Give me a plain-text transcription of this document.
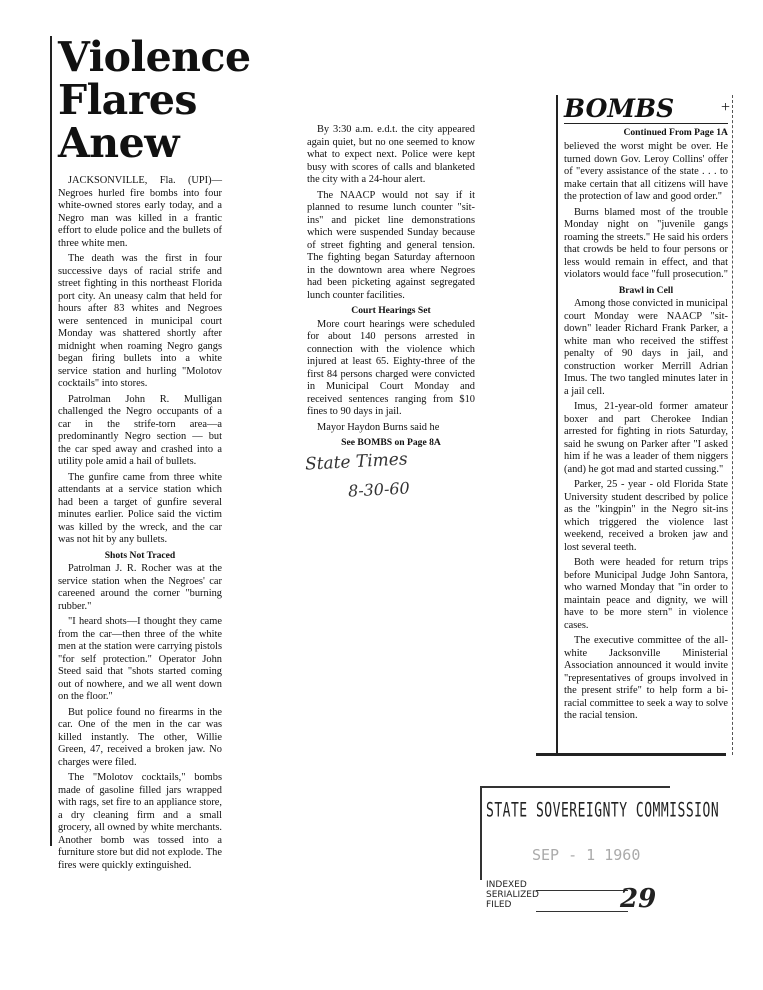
Violence
Flares
Anew

JACKSONVILLE, Fla. (UPI)— Negroes hurled fire bombs into four white-owned stores early today, and a Negro man was killed in a frantic effort to elude police and the bullets of three white men.

The death was the first in four successive days of racial strife and street fighting in this northeast Florida port city. An uneasy calm that held for hours after 83 whites and Negroes were sentenced in municipal court Monday was shattered shortly after midnight when roaming Negro gangs began firing bullets into a white service station and hurling "Molotov cocktails" into stores.

Patrolman John R. Mulligan challenged the Negro occupants of a car in the strife-torn area—a predominantly Negro section — but the car sped away and crashed into a utility pole amid a hail of bullets.

The gunfire came from three white attendants at a service station which had been a target of gunfire several minutes earlier. Police said the victim was killed by the wreck, and the car was not hit by any bullets.

Shots Not Traced

Patrolman J. R. Rocher was at the service station when the Negroes' car careened around the corner "burning rubber."

"I heard shots—I thought they came from the car—then three of the white men at the station were carrying pistols "for self protection." Operator John Steed said that "shots started coming out of nowhere, and we all went down on the floor."

But police found no firearms in the car. One of the men in the car was killed instantly. The other, Willie Green, 47, received a broken jaw. No charges were filed.

The "Molotov cocktails," bombs made of gasoline filled jars wrapped with rags, set fire to an appliance store, a dry cleaning firm and a small grocery, all owned by white merchants. Another bomb was tossed into a furniture store but did not explode. The fires were quickly extinguished.

By 3:30 a.m. e.d.t. the city appeared again quiet, but no one seemed to know what to expect next. Police were kept busy with scores of calls and blanketed the city with a 24-hour alert.

The NAACP would not say if it planned to resume lunch counter "sit-ins" and picket line demonstrations which were suspended Sunday because of street fighting and general tension. The fighting began Saturday afternoon in the downtown area where Negroes had been picketing against segregated lunch counter facilities.

Court Hearings Set

More court hearings were scheduled for about 140 persons arrested in connection with the violence which injured at least 65. Eighty-three of the first 84 persons charged were convicted in Municipal Court Monday and received sentences ranging from $10 fines to 90 days in jail.

Mayor Haydon Burns said he

See BOMBS on Page 8A
State Times
8-30-60
BOMBS	+
Continued From Page 1A

believed the worst might be over. He turned down Gov. Leroy Collins' offer of "every assistance of the state . . . to make certain that all citizens will have the protection of law and good order."

Burns blamed most of the trouble Monday night on "juvenile gangs roaming the streets." He said his orders that crowds be held to four persons or less would remain in effect, and that violators would face "full prosecution."

Brawl in Cell

Among those convicted in municipal court Monday were NAACP "sit-down" leader Richard Frank Parker, a white man who received the stiffest penalty of 90 days in jail, and construction worker Merrill Adrian Imus. The two tangled minutes later in a jail cell.

Imus, 21-year-old former amateur boxer and part Cherokee Indian arrested for fighting in riots Saturday, said he swung on Parker after "I asked him if he was a leader of them niggers (and) he got mad and started cussing."

Parker, 25 - year - old Florida State University student described by police as the "kingpin" in the Negro sit-ins which triggered the violence last weekend, received a broken jaw and lost several teeth.

Both were headed for return trips before Municipal Judge John Santora, who warned Monday that "in order to maintain peace and dignity, we will have to be more stern" in violence cases.

The executive committee of the all-white Jacksonville Ministerial Association announced it would invite "representatives of groups involved in the present strife" to help form a bi-racial committee to seek a way to solve the racial tension.

STATE SOVEREIGNTY COMMISSION
SEP - 1 1960
INDEXED
SERIALIZED
FILED	29
